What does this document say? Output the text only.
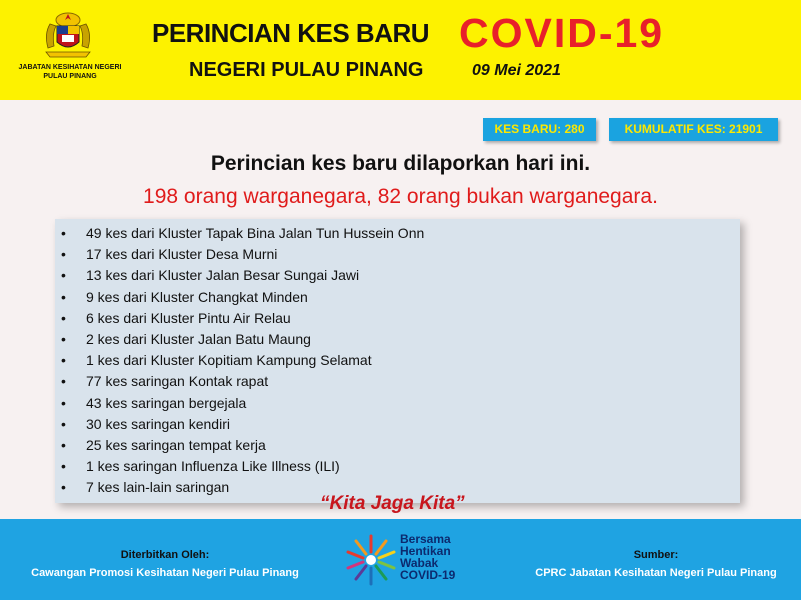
JABATAN KESIHATAN NEGERI
PULAU PINANG
PERINCIAN KES BARU
NEGERI PULAU PINANG
COVID-19
09 Mei 2021
KES BARU: 280	KUMULATIF KES: 21901
Perincian kes baru dilaporkan hari ini.
198 orang warganegara, 82 orang bukan warganegara.
• 49 kes dari Kluster Tapak Bina Jalan Tun Hussein Onn
• 17 kes dari Kluster Desa Murni
• 13 kes dari Kluster Jalan Besar Sungai Jawi
• 9 kes dari Kluster Changkat Minden
• 6 kes dari Kluster Pintu Air Relau
• 2 kes dari Kluster Jalan Batu Maung
• 1 kes dari Kluster Kopitiam Kampung Selamat
• 77 kes saringan Kontak rapat
• 43 kes saringan bergejala
• 30 kes saringan kendiri
• 25 kes saringan tempat kerja
• 1 kes saringan Influenza Like Illness (ILI)
• 7 kes lain-lain saringan
“Kita Jaga Kita”
Diterbitkan Oleh:
Cawangan Promosi Kesihatan Negeri Pulau Pinang
Bersama
Hentikan
Wabak
COVID-19
Sumber:
CPRC Jabatan Kesihatan Negeri Pulau Pinang
